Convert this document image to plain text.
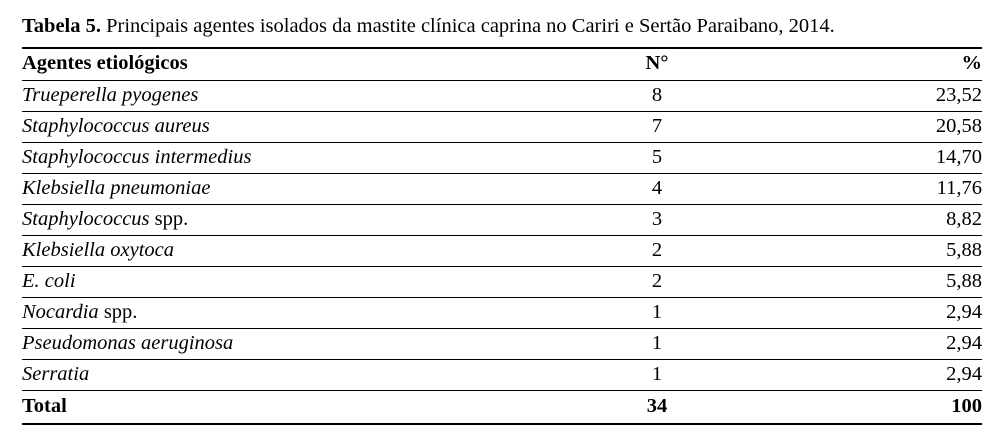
Tabela 5. Principais agentes isolados da mastite clínica caprina no Cariri e Sertão Paraibano, 2014.
Agentes etiológicos	N°	%
Trueperella pyogenes	8	23,52
Staphylococcus aureus	7	20,58
Staphylococcus intermedius	5	14,70
Klebsiella pneumoniae	4	11,76
Staphylococcus spp.	3	8,82
Klebsiella oxytoca	2	5,88
E. coli	2	5,88
Nocardia spp.	1	2,94
Pseudomonas aeruginosa	1	2,94
Serratia	1	2,94
Total	34	100
